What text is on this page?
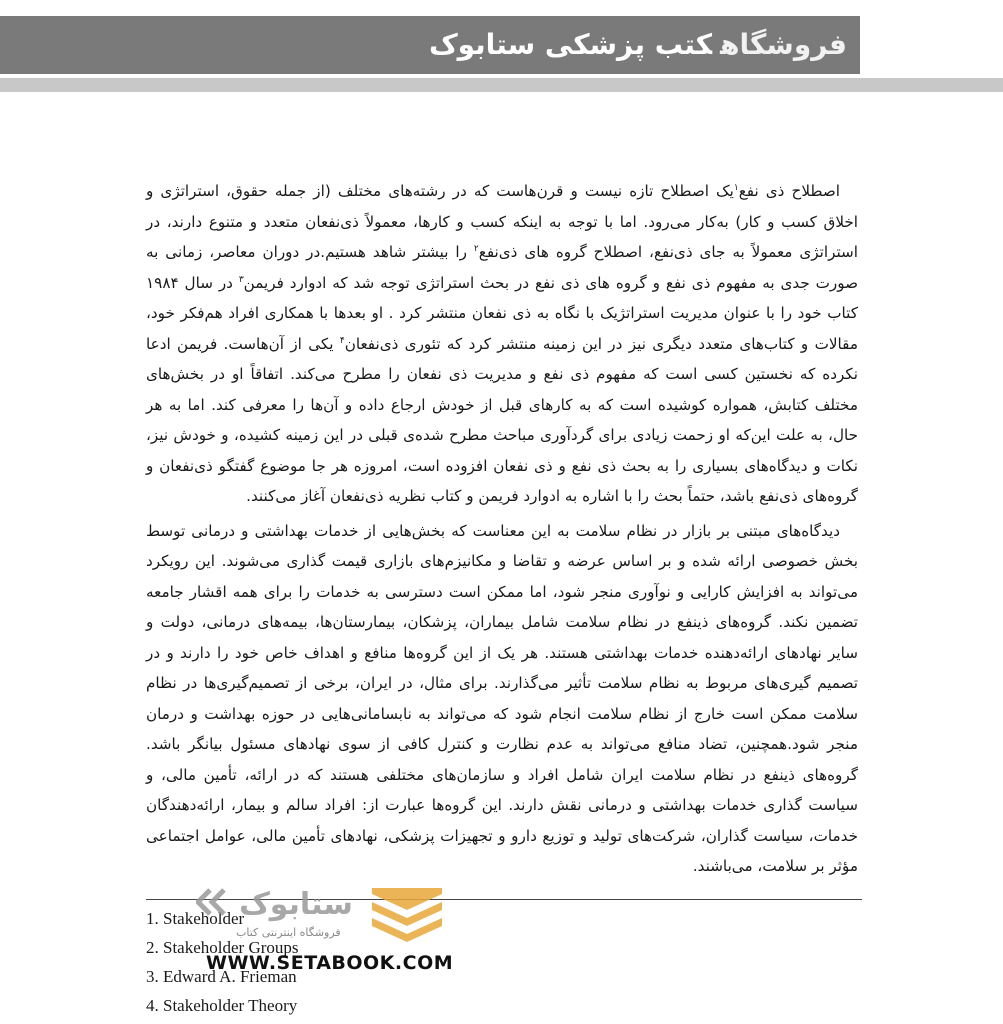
فروشگاهکتب پزشکی ستابوک

اصطلاح ذی نفع$^۱$یک اصطلاح تازه نیست و قرن‌هاست که در رشته‌های مختلف (از جمله حقوق، استراتژی و اخلاق کسب و کار) به‌کار می‌رود. اما با توجه به اینکه کسب و کارها، معمولاً ذی‌نفعان متعدد و متنوع دارند، در استراتژی معمولاً به جای ذی‌نفع، اصطلاح گروه های ذی‌نفع$^۲$ را بیشتر شاهد هستیم.در دوران معاصر، زمانی به صورت جدی به مفهوم ذی نفع و گروه های ذی نفع در بحث استراتژی توجه شد که ادوارد فریمن$^۳$ در سال ۱۹۸۴ کتاب خود را با عنوان مدیریت استراتژیک با نگاه به ذی نفعان منتشر کرد . او بعدها با همکاری افراد هم‌فکر خود، مقالات و کتاب‌های متعدد دیگری نیز در این زمینه منتشر کرد که تئوری ذی‌نفعان$^۴$ یکی از آن‌هاست. فریمن ادعا نکرده که نخستین کسی است که مفهوم ذی نفع و مدیریت ذی نفعان را مطرح می‌کند. اتفاقاً او در بخش‌های مختلف کتابش، همواره کوشیده است که به کارهای قبل از خودش ارجاع داده و آن‌ها را معرفی کند. اما به هر حال، به علت این‌که او زحمت زیادی برای گردآوری مباحث مطرح شده‌ی قبلی در این زمینه کشیده، و خودش نیز، نکات و دیدگاه‌های بسیاری را به بحث ذی نفع و ذی نفعان افزوده است، امروزه هر جا موضوع گفتگو ذی‌نفعان و گروه‌های ذی‌نفع باشد، حتماً بحث را با اشاره به ادوارد فریمن و کتاب نظریه ذی‌نفعان آغاز می‌کنند.

دیدگاه‌های مبتنی بر بازار در نظام سلامت به این معناست که بخش‌هایی از خدمات بهداشتی و درمانی توسط بخش خصوصی ارائه شده و بر اساس عرضه و تقاضا و مکانیزم‌های بازاری قیمت گذاری می‌شوند. این رویکرد می‌تواند به افزایش کارایی و نوآوری منجر شود، اما ممکن است دسترسی به خدمات را برای همه اقشار جامعه تضمین نکند. گروه‌های ذینفع در نظام سلامت شامل بیماران، پزشکان، بیمارستان‌ها، بیمه‌های درمانی، دولت و سایر نهادهای ارائه‌دهنده خدمات بهداشتی هستند. هر یک از این گروه‌ها منافع و اهداف خاص خود را دارند و در تصمیم گیری‌های مربوط به نظام سلامت تأثیر می‌گذارند. برای مثال، در ایران، برخی از تصمیم‌گیری‌ها در نظام سلامت ممکن است خارج از نظام سلامت انجام شود که می‌تواند به نابسامانی‌هایی در حوزه بهداشت و درمان منجر شود.همچنین، تضاد منافع می‌تواند به عدم نظارت و کنترل کافی از سوی نهادهای مسئول بیانگر باشد. گروه‌های ذینفع در نظام سلامت ایران شامل افراد و سازمان‌های مختلفی هستند که در ارائه، تأمین مالی، و سیاست گذاری خدمات بهداشتی و درمانی نقش دارند. این گروه‌ها عبارت از: افراد سالم و بیمار، ارائه‌دهندگان خدمات، سیاست گذاران، شرکت‌های تولید و توزیع دارو و تجهیزات پزشکی، نهادهای تأمین مالی، عوامل اجتماعی مؤثر بر سلامت، می‌باشند.

1. Stakeholder
2. Stakeholder Groups
3. Edward A. Frieman
4. Stakeholder Theory
ستابوک
فروشگاه اینترنتی کتاب
WWW.SETABOOK.COM
